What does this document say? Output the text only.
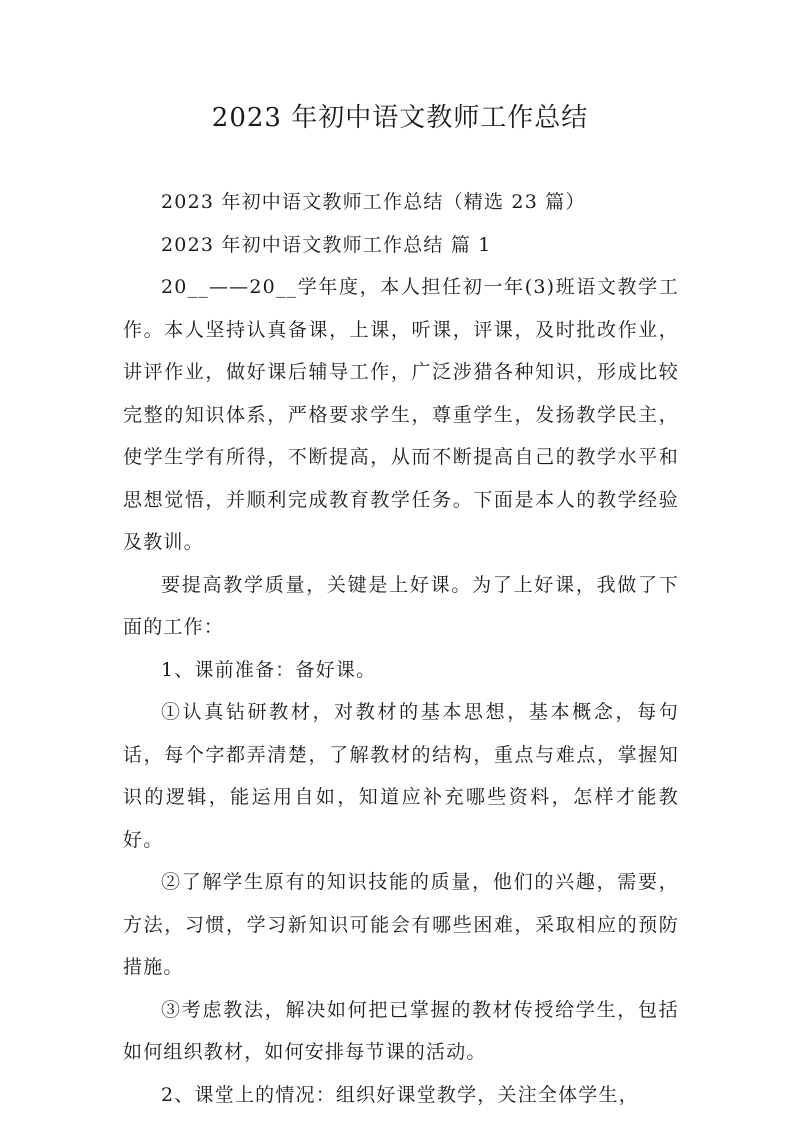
2023 年初中语文教师工作总结

2023 年初中语文教师工作总结（精选 23 篇）

2023 年初中语文教师工作总结 篇 1

20__——20__学年度，本人担任初一年(3)班语文教学工作。本人坚持认真备课，上课，听课，评课，及时批改作业，讲评作业，做好课后辅导工作，广泛涉猎各种知识，形成比较完整的知识体系，严格要求学生，尊重学生，发扬教学民主，使学生学有所得，不断提高，从而不断提高自己的教学水平和思想觉悟，并顺利完成教育教学任务。下面是本人的教学经验及教训。

要提高教学质量，关键是上好课。为了上好课，我做了下面的工作：

1、课前准备：备好课。

①认真钻研教材，对教材的基本思想，基本概念，每句话，每个字都弄清楚，了解教材的结构，重点与难点，掌握知识的逻辑，能运用自如，知道应补充哪些资料，怎样才能教好。

②了解学生原有的知识技能的质量，他们的兴趣，需要，方法，习惯，学习新知识可能会有哪些困难，采取相应的预防措施。

③考虑教法，解决如何把已掌握的教材传授给学生，包括如何组织教材，如何安排每节课的活动。

2、课堂上的情况：组织好课堂教学，关注全体学生，
